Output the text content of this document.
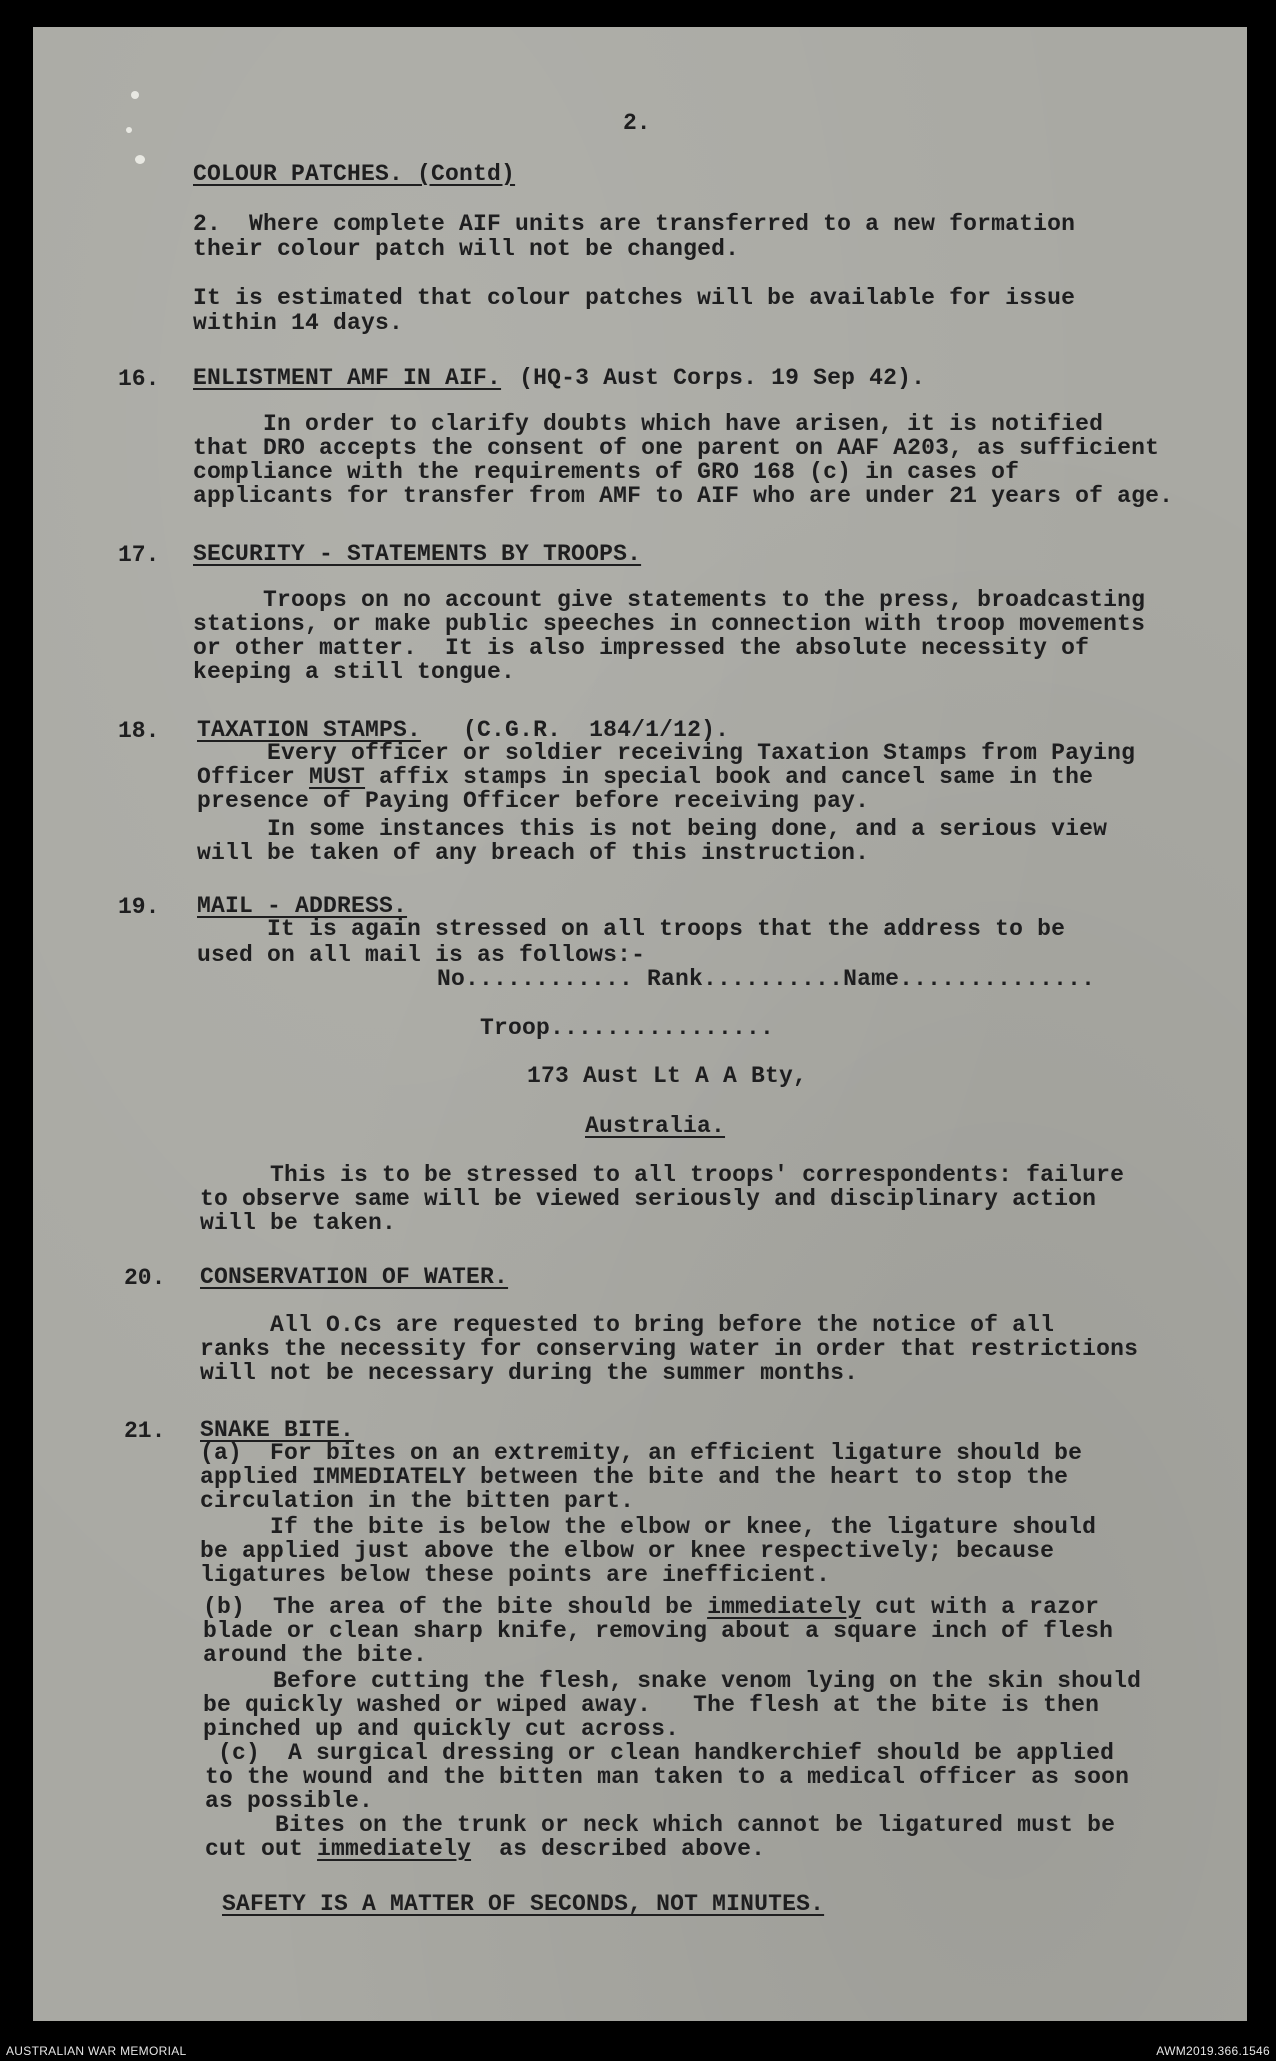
2.
COLOUR PATCHES. (Contd)
2.  Where complete AIF units are transferred to a new formation
their colour patch will not be changed.
It is estimated that colour patches will be available for issue
within 14 days.
16. ENLISTMENT AMF IN AIF. (HQ-3 Aust Corps. 19 Sep 42).
In order to clarify doubts which have arisen, it is notified
that DRO accepts the consent of one parent on AAF A203, as sufficient
compliance with the requirements of GRO 168 (c) in cases of
applicants for transfer from AMF to AIF who are under 21 years of age.
17. SECURITY - STATEMENTS BY TROOPS.
Troops on no account give statements to the press, broadcasting
stations, or make public speeches in connection with troop movements
or other matter.  It is also impressed the absolute necessity of
keeping a still tongue.
18. TAXATION STAMPS.   (C.G.R.  184/1/12).
Every officer or soldier receiving Taxation Stamps from Paying
Officer MUST affix stamps in special book and cancel same in the
presence of Paying Officer before receiving pay.
In some instances this is not being done, and a serious view
will be taken of any breach of this instruction.
19. MAIL - ADDRESS.
It is again stressed on all troops that the address to be
used on all mail is as follows:-
No............ Rank..........Name..............
Troop................
173 Aust Lt A A Bty,
Australia.
This is to be stressed to all troops' correspondents: failure
to observe same will be viewed seriously and disciplinary action
will be taken.
20. CONSERVATION OF WATER.
All O.Cs are requested to bring before the notice of all
ranks the necessity for conserving water in order that restrictions
will not be necessary during the summer months.
21. SNAKE BITE.
(a)  For bites on an extremity, an efficient ligature should be
applied IMMEDIATELY between the bite and the heart to stop the
circulation in the bitten part.
If the bite is below the elbow or knee, the ligature should
be applied just above the elbow or knee respectively; because
ligatures below these points are inefficient.
(b)  The area of the bite should be immediately cut with a razor
blade or clean sharp knife, removing about a square inch of flesh
around the bite.
Before cutting the flesh, snake venom lying on the skin should
be quickly washed or wiped away.   The flesh at the bite is then
pinched up and quickly cut across.
(c)  A surgical dressing or clean handkerchief should be applied
to the wound and the bitten man taken to a medical officer as soon
as possible.
Bites on the trunk or neck which cannot be ligatured must be
cut out immediately  as described above.
SAFETY IS A MATTER OF SECONDS, NOT MINUTES.
AUSTRALIAN WAR MEMORIAL	AWM2019.366.1546
